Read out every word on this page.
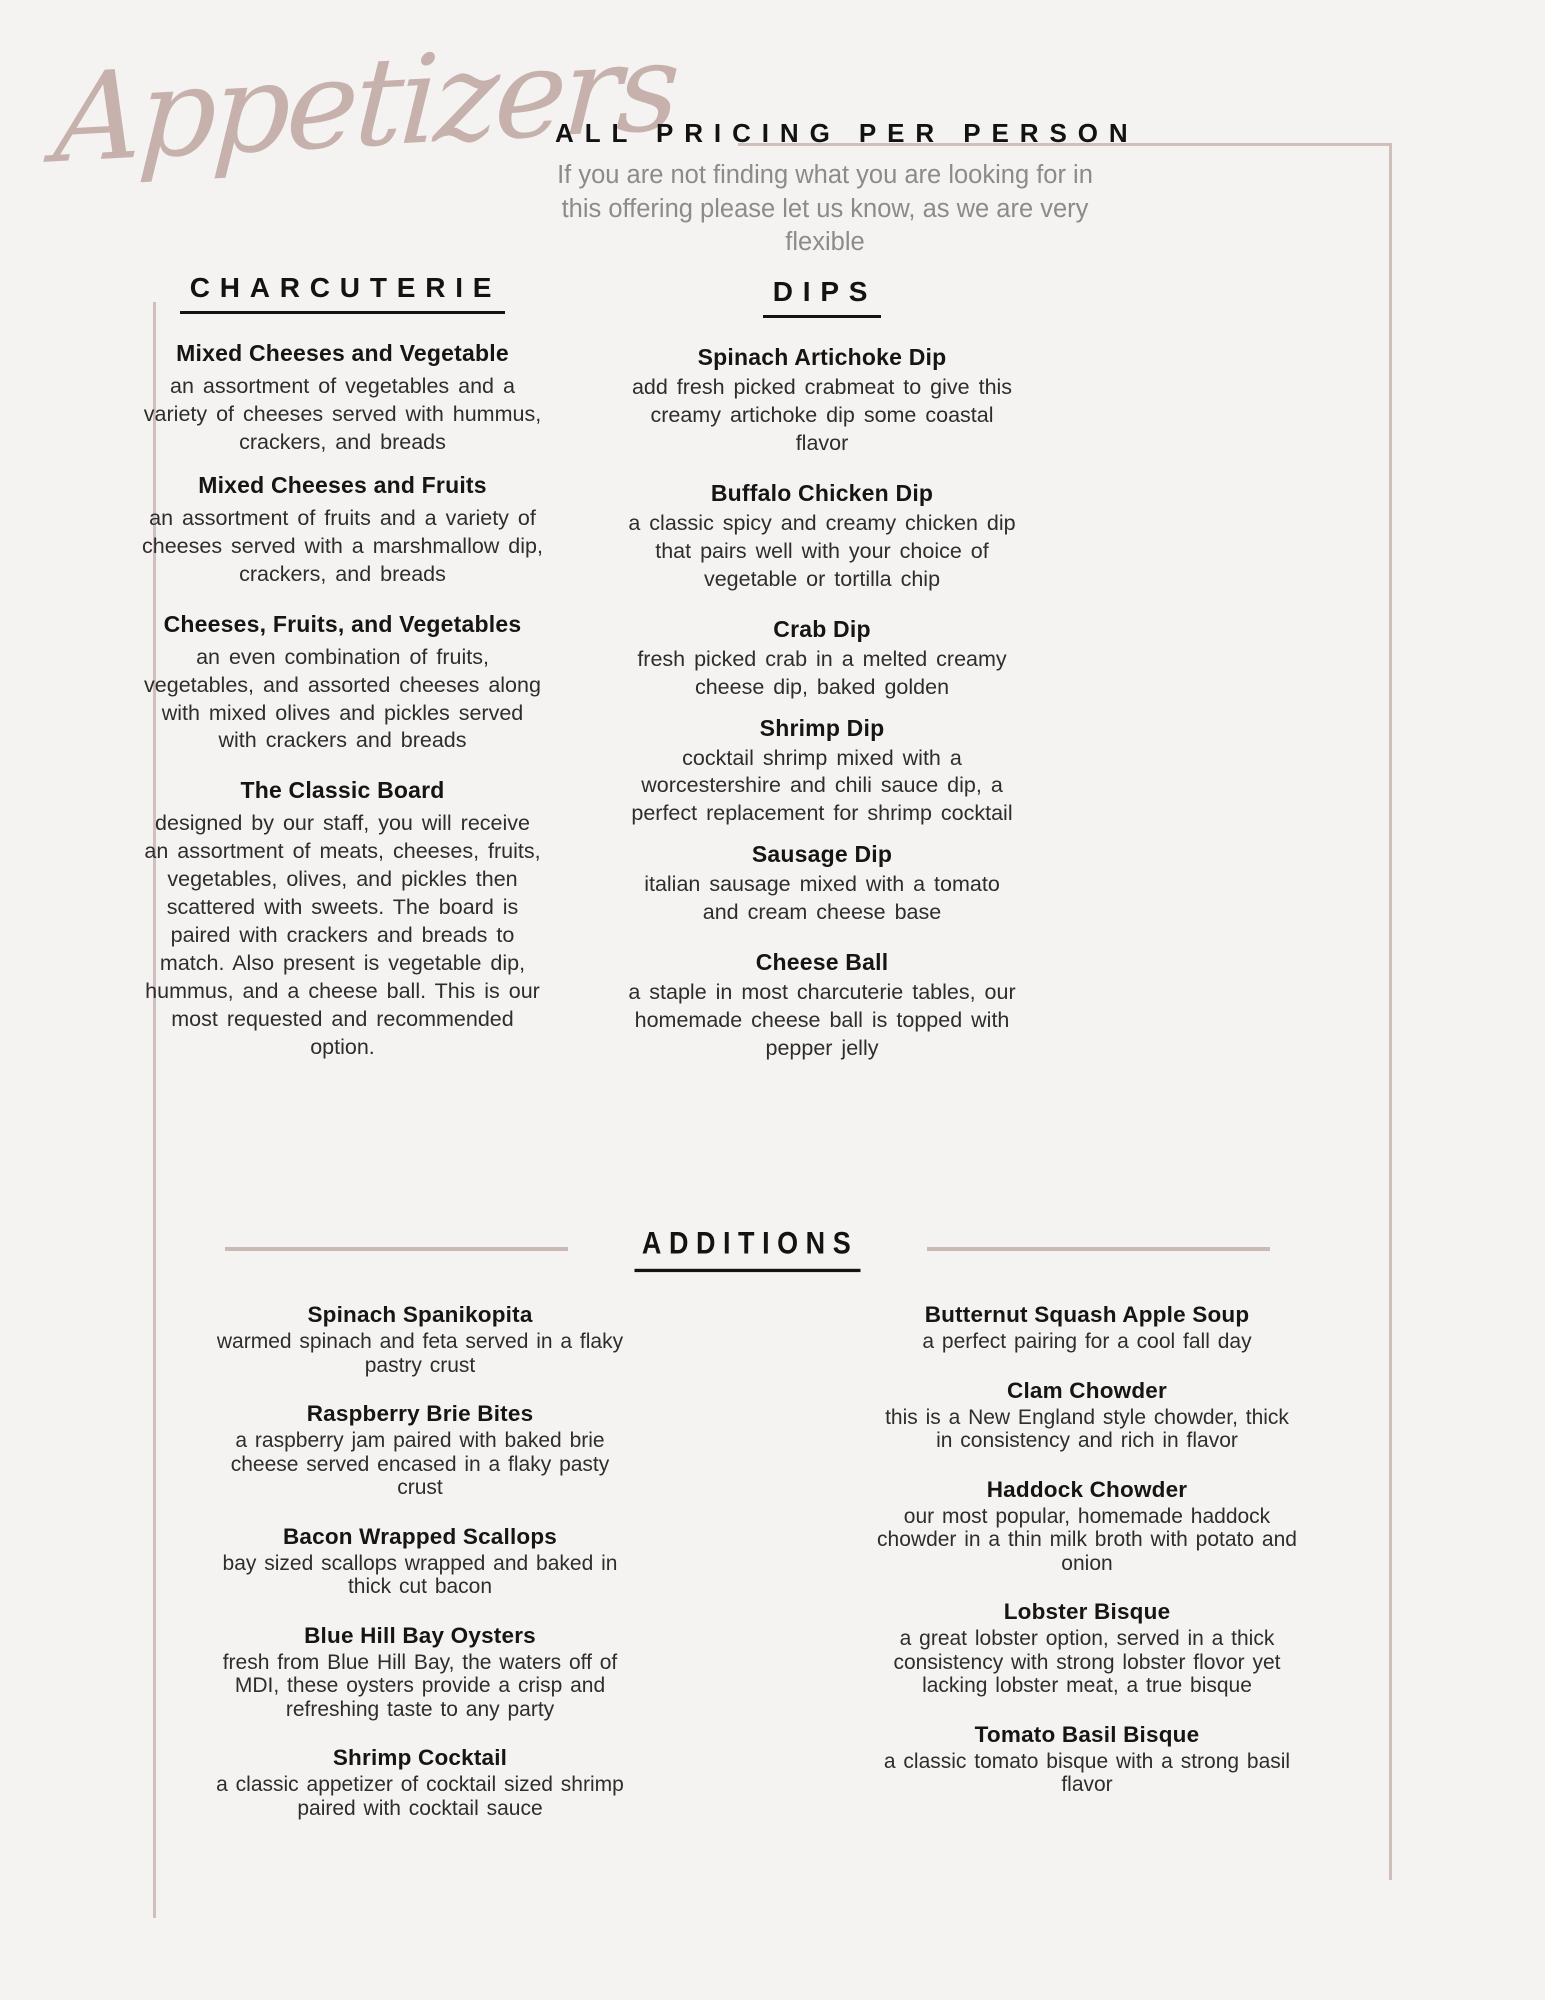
Appetizers
ALL PRICING PER PERSON
If you are not finding what you are looking for in this offering please let us know, as we are very flexible
CHARCUTERIE
Mixed Cheeses and Vegetable
an assortment of vegetables and a variety of cheeses served with hummus, crackers, and breads
Mixed Cheeses and Fruits
an assortment of fruits and a variety of cheeses served with a marshmallow dip, crackers, and breads
Cheeses, Fruits, and Vegetables
an even combination of fruits, vegetables, and assorted cheeses along with mixed olives and pickles served with crackers and breads
The Classic Board
designed by our staff, you will receive an assortment of meats, cheeses, fruits, vegetables, olives, and pickles then scattered with sweets. The board is paired with crackers and breads to match. Also present is vegetable dip, hummus, and a cheese ball. This is our most requested and recommended option.
DIPS
Spinach Artichoke Dip
add fresh picked crabmeat to give this creamy artichoke dip some coastal flavor
Buffalo Chicken Dip
a classic spicy and creamy chicken dip that pairs well with your choice of vegetable or tortilla chip
Crab Dip
fresh picked crab in a melted creamy cheese dip, baked golden
Shrimp Dip
cocktail shrimp mixed with a worcestershire and chili sauce dip, a perfect replacement for shrimp cocktail
Sausage Dip
italian sausage mixed with a tomato and cream cheese base
Cheese Ball
a staple in most charcuterie tables, our homemade cheese ball is topped with pepper jelly
ADDITIONS
Spinach Spanikopita
warmed spinach and feta served in a flaky pastry crust
Raspberry Brie Bites
a raspberry jam paired with baked brie cheese served encased in a flaky pasty crust
Bacon Wrapped Scallops
bay sized scallops wrapped and baked in thick cut bacon
Blue Hill Bay Oysters
fresh from Blue Hill Bay, the waters off of MDI, these oysters provide a crisp and refreshing taste to any party
Shrimp Cocktail
a classic appetizer of cocktail sized shrimp paired with cocktail sauce
Butternut Squash Apple Soup
a perfect pairing for a cool fall day
Clam Chowder
this is a New England style chowder, thick in consistency and rich in flavor
Haddock Chowder
our most popular, homemade haddock chowder in a thin milk broth with potato and onion
Lobster Bisque
a great lobster option, served in a thick consistency with strong lobster flovor yet lacking lobster meat, a true bisque
Tomato Basil Bisque
a classic tomato bisque with a strong basil flavor
